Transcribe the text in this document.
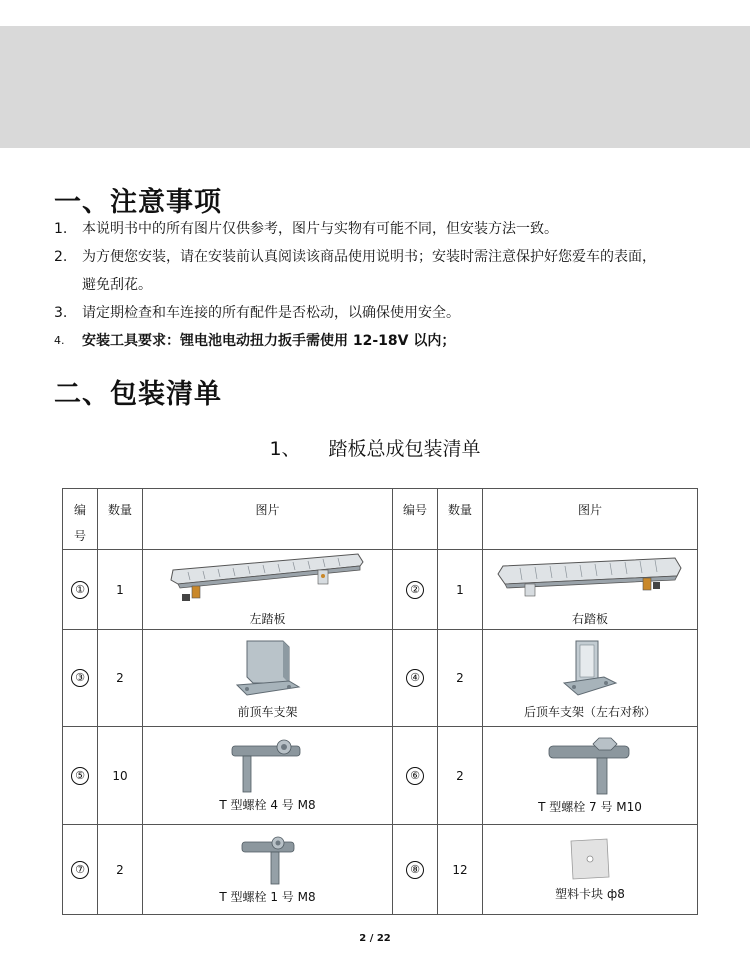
一、注意事项
1.	本说明书中的所有图片仅供参考，图片与实物有可能不同，但安装方法一致。
2.	为方便您安装，请在安装前认真阅读该商品使用说明书；安装时需注意保护好您爱车的表面，
避免刮花。
3.	请定期检查和车连接的所有配件是否松动，以确保使用安全。
4.	安装工具要求：锂电池电动扭力扳手需使用 12-18V 以内；
二、包装清单
1、 踏板总成包装清单
编号	数量	图片	编号	数量	图片
①	1	左踏板	②	1	右踏板

③	2	前顶车支架	④	2	后顶车支架（左右对称）

⑤	10	T 型螺栓 4 号 M8	⑥	2	T 型螺栓 7 号 M10

⑦	2	T 型螺栓 1 号 M8	⑧	12	塑料卡块 ф8
2 / 22
